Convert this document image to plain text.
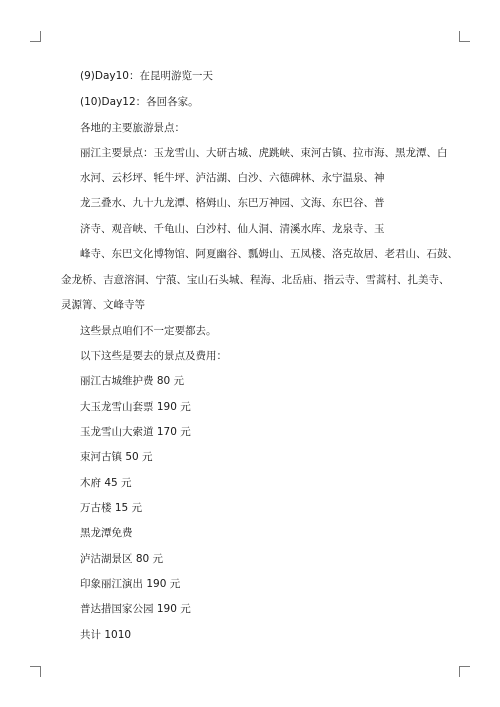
(9)Day10：在昆明游览一天
(10)Day12：各回各家。
各地的主要旅游景点：
丽江主要景点：玉龙雪山、大研古城、虎跳峡、束河古镇、拉市海、黑龙潭、白
水河、云杉坪、牦牛坪、泸沽湖、白沙、六德碑林、永宁温泉、神
龙三叠水、九十九龙潭、格姆山、东巴万神园、文海、东巴谷、普
济寺、观音峡、千龟山、白沙村、仙人洞、清溪水库、龙泉寺、玉
峰寺、东巴文化博物馆、阿夏幽谷、瓢姆山、五凤楼、洛克故居、老君山、石鼓、
金龙桥、吉意溶洞、宁蒗、宝山石头城、程海、北岳庙、指云寺、雪蒿村、扎美寺、
灵源箐、文峰寺等
这些景点咱们不一定要都去。
以下这些是要去的景点及费用：
丽江古城维护费 80 元
大玉龙雪山套票 190 元
玉龙雪山大索道 170 元
束河古镇 50 元
木府 45 元
万古楼 15 元
黑龙潭免费
泸沽湖景区 80 元
印象丽江演出 190 元
普达措国家公园 190 元
共计 1010
